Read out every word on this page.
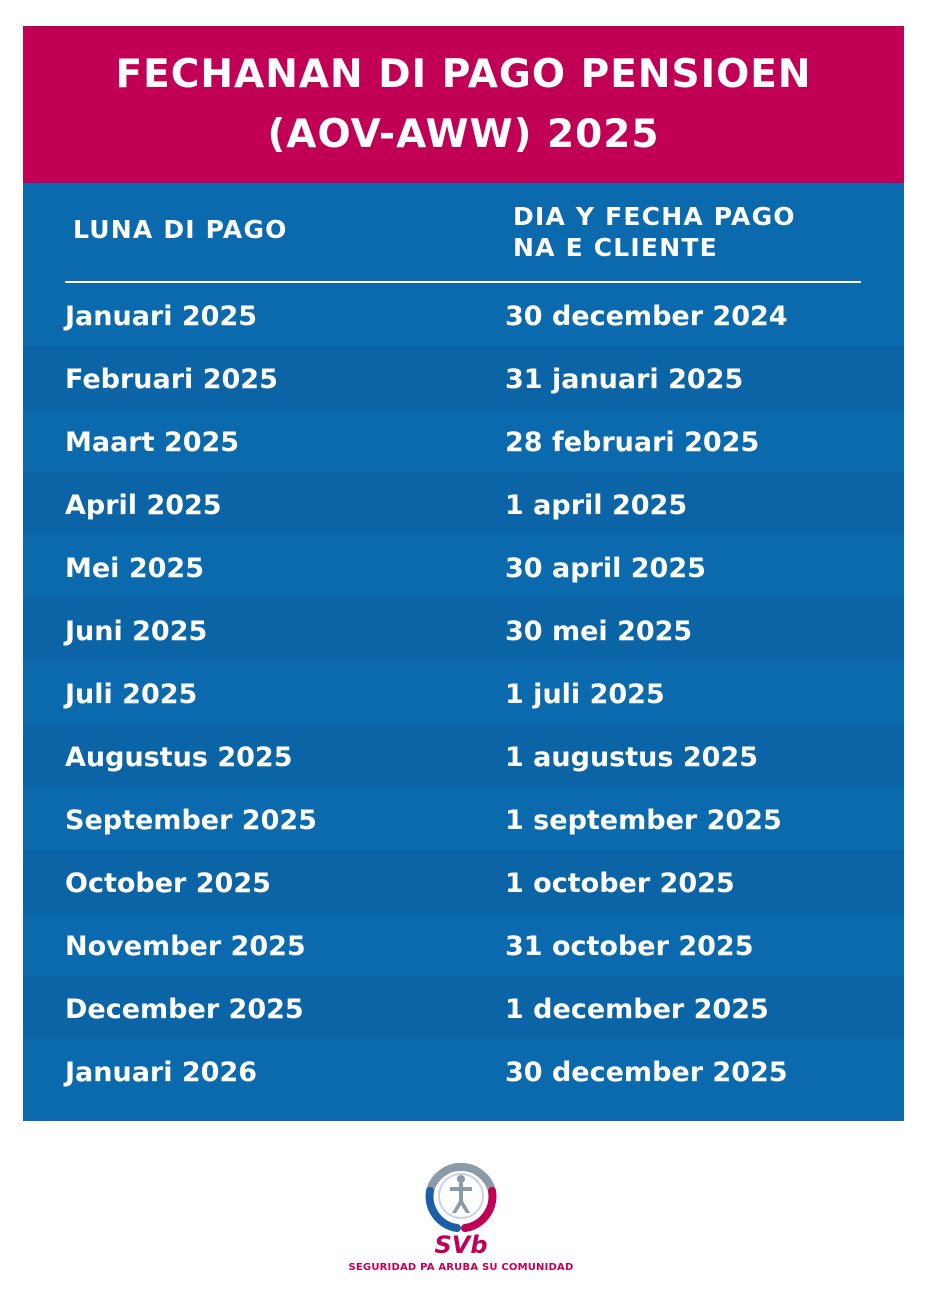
FECHANAN DI PAGO PENSIOEN
(AOV-AWW) 2025
LUNA DI PAGO	DIA Y FECHA PAGO
NA E CLIENTE
Januari 2025	30 december 2024
Februari 2025	31 januari 2025
Maart 2025	28 februari 2025
April 2025	1 april 2025
Mei 2025	30 april 2025
Juni 2025	30 mei 2025
Juli 2025	1 juli 2025
Augustus 2025	1 augustus 2025
September 2025	1 september 2025
October 2025	1 october 2025
November 2025	31 october 2025
December 2025	1 december 2025
Januari 2026	30 december 2025
SVb
SEGURIDAD PA ARUBA SU COMUNIDAD
